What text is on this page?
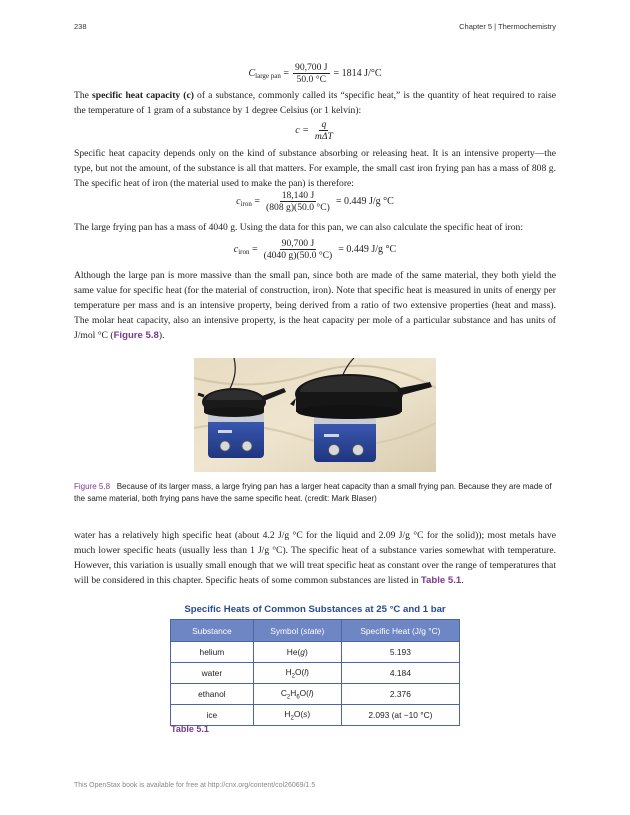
238	Chapter 5 | Thermochemistry
$C_{large pan} = \frac{90,700 J}{50.0 ^\circ C} = 1814$ J/°C

The specific heat capacity (c) of a substance, commonly called its “specific heat,” is the quantity of heat required to raise the temperature of 1 gram of a substance by 1 degree Celsius (or 1 kelvin):

$c = \frac{q}{\text{mΔT}}$

Specific heat capacity depends only on the kind of substance absorbing or releasing heat. It is an intensive property—the type, but not the amount, of the substance is all that matters. For example, the small cast iron frying pan has a mass of 808 g. The specific heat of iron (the material used to make the pan) is therefore:

$c_{iron} = \frac{18,140 J}{(808 g)(50.0 ^\circ C)} = 0.449$ J/g °C

The large frying pan has a mass of 4040 g. Using the data for this pan, we can also calculate the specific heat of iron:

$c_{iron} = \frac{90,700 J}{(4040 g)(50.0 ^\circ C)} = 0.449$ J/g °C

Although the large pan is more massive than the small pan, since both are made of the same material, they both yield the same value for specific heat (for the material of construction, iron). Note that specific heat is measured in units of energy per temperature per mass and is an intensive property, being derived from a ratio of two extensive properties (heat and mass). The molar heat capacity, also an intensive property, is the heat capacity per mole of a particular substance and has units of J/mol °C (Figure 5.8).

Figure 5.8 Because of its larger mass, a large frying pan has a larger heat capacity than a small frying pan. Because they are made of the same material, both frying pans have the same specific heat. (credit: Mark Blaser)

water has a relatively high specific heat (about 4.2 J/g °C for the liquid and 2.09 J/g °C for the solid)); most metals have much lower specific heats (usually less than 1 J/g °C). The specific heat of a substance varies somewhat with temperature. However, this variation is usually small enough that we will treat specific heat as constant over the range of temperatures that will be considered in this chapter. Specific heats of some common substances are listed in Table 5.1.

Specific Heats of Common Substances at 25 °C and 1 bar
Substance	Symbol (state)	Specific Heat (J/g °C)
helium	He(g)	5.193
water	$H_2O(l)$	4.184
ethanol	$C_2H_6O(l)$	2.376
ice	$H_2O(s)$	2.093 (at −10 °C)
Table 5.1
This OpenStax book is available for free at http://cnx.org/content/col26069/1.5
